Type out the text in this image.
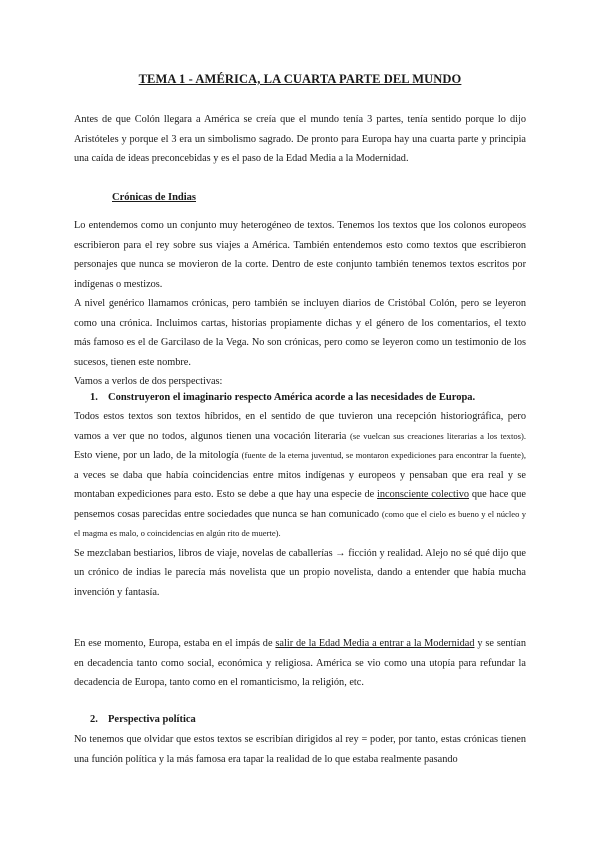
TEMA 1 - AMÉRICA, LA CUARTA PARTE DEL MUNDO

Antes de que Colón llegara a América se creía que el mundo tenía 3 partes, tenía sentido porque lo dijo Aristóteles y porque el 3 era un simbolismo sagrado. De pronto para Europa hay una cuarta parte y principia una caída de ideas preconcebidas y es el paso de la Edad Media a la Modernidad.

Crónicas de Indias

Lo entendemos como un conjunto muy heterogéneo de textos. Tenemos los textos que los colonos europeos escribieron para el rey sobre sus viajes a América. También entendemos esto como textos que escribieron personajes que nunca se movieron de la corte. Dentro de este conjunto también tenemos textos escritos por indígenas o mestizos.

A nivel genérico llamamos crónicas, pero también se incluyen diarios de Cristóbal Colón, pero se leyeron como una crónica. Incluimos cartas, historias propiamente dichas y el género de los comentarios, el texto más famoso es el de Garcilaso de la Vega. No son crónicas, pero como se leyeron como un testimonio de los sucesos, tienen este nombre.

Vamos a verlos de dos perspectivas:

1. Construyeron el imaginario respecto América acorde a las necesidades de Europa.

Todos estos textos son textos híbridos, en el sentido de que tuvieron una recepción historiográfica, pero vamos a ver que no todos, algunos tienen una vocación literaria (se vuelcan sus creaciones literarias a los textos). Esto viene, por un lado, de la mitología (fuente de la eterna juventud, se montaron expediciones para encontrar la fuente), a veces se daba que había coincidencias entre mitos indígenas y europeos y pensaban que era real y se montaban expediciones para esto. Esto se debe a que hay una especie de inconsciente colectivo que hace que pensemos cosas parecidas entre sociedades que nunca se han comunicado (como que el cielo es bueno y el núcleo y el magma es malo, o coincidencias en algún rito de muerte).

Se mezclaban bestiarios, libros de viaje, novelas de caballerías → ficción y realidad. Alejo no sé qué dijo que un crónico de indias le parecía más novelista que un propio novelista, dando a entender que había mucha invención y fantasía.

En ese momento, Europa, estaba en el impás de salir de la Edad Media a entrar a la Modernidad y se sentían en decadencia tanto como social, económica y religiosa. América se vio como una utopía para refundar la decadencia de Europa, tanto como en el romanticismo, la religión, etc.

2. Perspectiva política

No tenemos que olvidar que estos textos se escribían dirigidos al rey = poder, por tanto, estas crónicas tienen una función política y la más famosa era tapar la realidad de lo que estaba realmente pasando
